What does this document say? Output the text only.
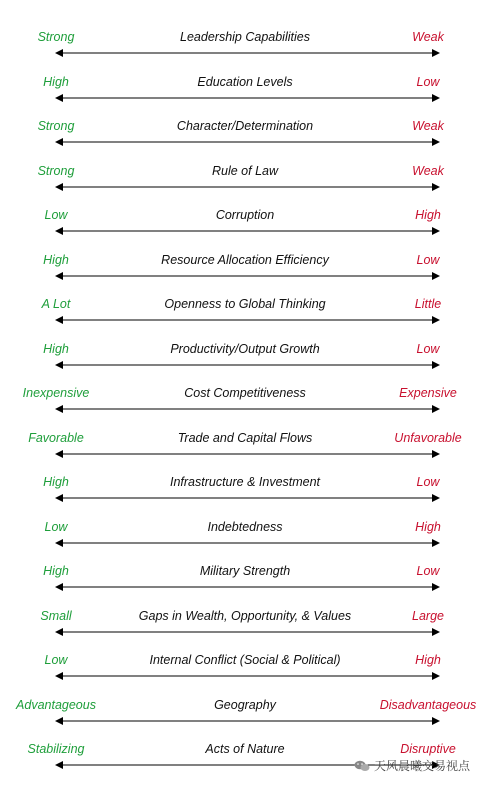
Strong	Leadership Capabilities	Weak
High	Education Levels	Low
Strong	Character/Determination	Weak
Strong	Rule of Law	Weak
Low	Corruption	High
High	Resource Allocation Efficiency	Low
A Lot	Openness to Global Thinking	Little
High	Productivity/Output Growth	Low
Inexpensive	Cost Competitiveness	Expensive
Favorable	Trade and Capital Flows	Unfavorable
High	Infrastructure & Investment	Low
Low	Indebtedness	High
High	Military Strength	Low
Small	Gaps in Wealth, Opportunity, & Values	Large
Low	Internal Conflict (Social & Political)	High
Advantageous	Geography	Disadvantageous
Stabilizing	Acts of Nature	Disruptive
天风晨曦交易视点
